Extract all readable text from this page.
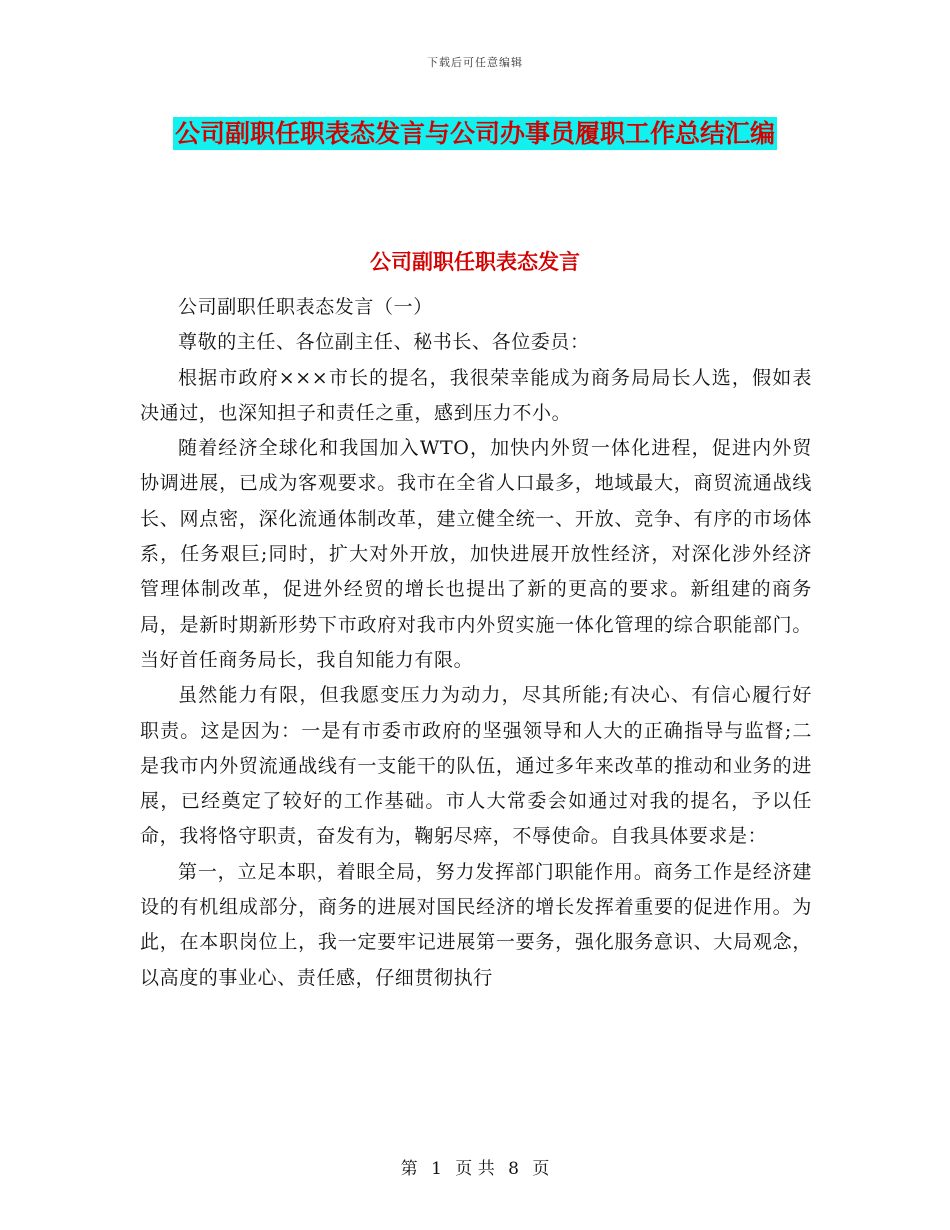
下载后可任意编辑
公司副职任职表态发言与公司办事员履职工作总结汇编
公司副职任职表态发言

公司副职任职表态发言（一）

尊敬的主任、各位副主任、秘书长、各位委员：

根据市政府×××市长的提名，我很荣幸能成为商务局局长人选，假如表决通过，也深知担子和责任之重，感到压力不小。

随着经济全球化和我国加入WTO，加快内外贸一体化进程，促进内外贸协调进展，已成为客观要求。我市在全省人口最多，地域最大，商贸流通战线长、网点密，深化流通体制改革，建立健全统一、开放、竞争、有序的市场体系，任务艰巨;同时，扩大对外开放，加快进展开放性经济，对深化涉外经济管理体制改革，促进外经贸的增长也提出了新的更高的要求。新组建的商务局，是新时期新形势下市政府对我市内外贸实施一体化管理的综合职能部门。当好首任商务局长，我自知能力有限。

虽然能力有限，但我愿变压力为动力，尽其所能;有决心、有信心履行好职责。这是因为：一是有市委市政府的坚强领导和人大的正确指导与监督;二是我市内外贸流通战线有一支能干的队伍，通过多年来改革的推动和业务的进展，已经奠定了较好的工作基础。市人大常委会如通过对我的提名，予以任命，我将恪守职责，奋发有为，鞠躬尽瘁，不辱使命。自我具体要求是：

第一，立足本职，着眼全局，努力发挥部门职能作用。商务工作是经济建设的有机组成部分，商务的进展对国民经济的增长发挥着重要的促进作用。为此，在本职岗位上，我一定要牢记进展第一要务，强化服务意识、大局观念，以高度的事业心、责任感，仔细贯彻执行

第 1 页 共 8 页
